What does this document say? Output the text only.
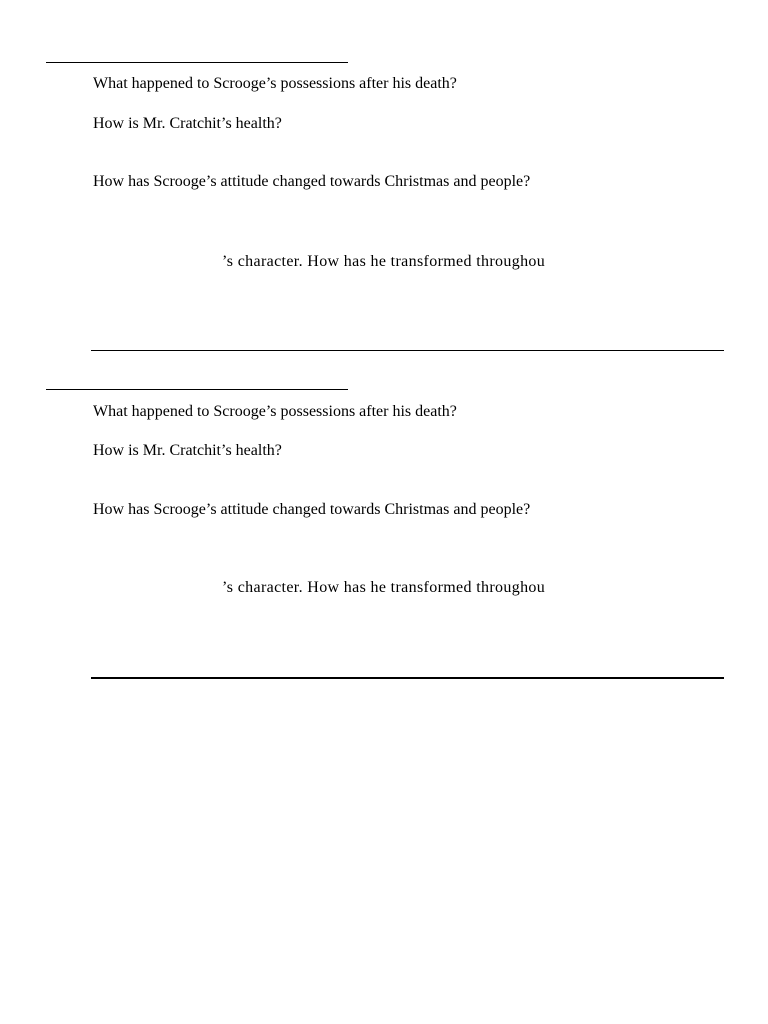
What happened to Scrooge’s possessions after his death?
How is Mr. Cratchit’s health?
How has Scrooge’s attitude changed towards Christmas and people?
’s character. How has he transformed throughou
What happened to Scrooge’s possessions after his death?
How is Mr. Cratchit’s health?
How has Scrooge’s attitude changed towards Christmas and people?
’s character. How has he transformed throughou
